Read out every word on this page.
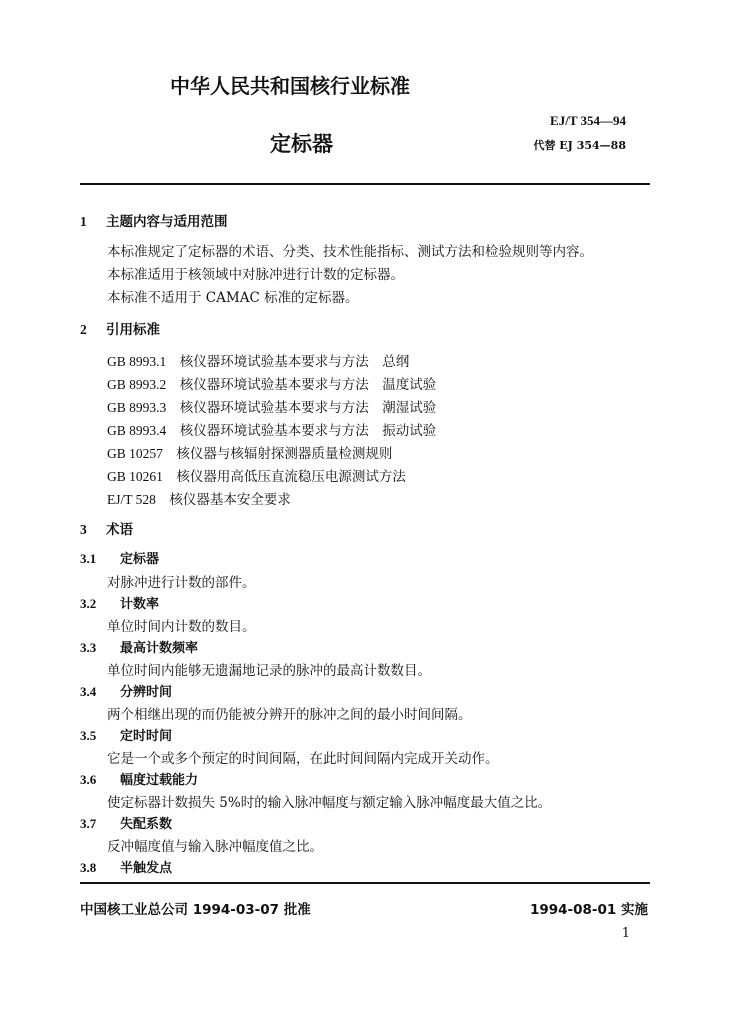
中华人民共和国核行业标准
定标器
EJ/T 354—94
代替 EJ 354—88
1 主题内容与适用范围
本标准规定了定标器的术语、分类、技术性能指标、测试方法和检验规则等内容。
本标准适用于核领域中对脉冲进行计数的定标器。
本标准不适用于 CAMAC 标准的定标器。
2 引用标准
GB 8993.1　 核仪器环境试验基本要求与方法　总纲
GB 8993.2　 核仪器环境试验基本要求与方法　温度试验
GB 8993.3　 核仪器环境试验基本要求与方法　潮湿试验
GB 8993.4　 核仪器环境试验基本要求与方法　振动试验
GB 10257　 核仪器与核辐射探测器质量检测规则
GB 10261　 核仪器用高低压直流稳压电源测试方法
EJ/T 528　 核仪器基本安全要求
3 术语
3.1 定标器
对脉冲进行计数的部件。
3.2 计数率
单位时间内计数的数目。
3.3 最高计数频率
单位时间内能够无遗漏地记录的脉冲的最高计数数目。
3.4 分辨时间
两个相继出现的而仍能被分辨开的脉冲之间的最小时间间隔。
3.5 定时时间
它是一个或多个预定的时间间隔，在此时间间隔内完成开关动作。
3.6 幅度过载能力
使定标器计数损失 5%时的输入脉冲幅度与额定输入脉冲幅度最大值之比。
3.7 失配系数
反冲幅度值与输入脉冲幅度值之比。
3.8 半触发点
中国核工业总公司 1994-03-07 批准	1994-08-01 实施
1
